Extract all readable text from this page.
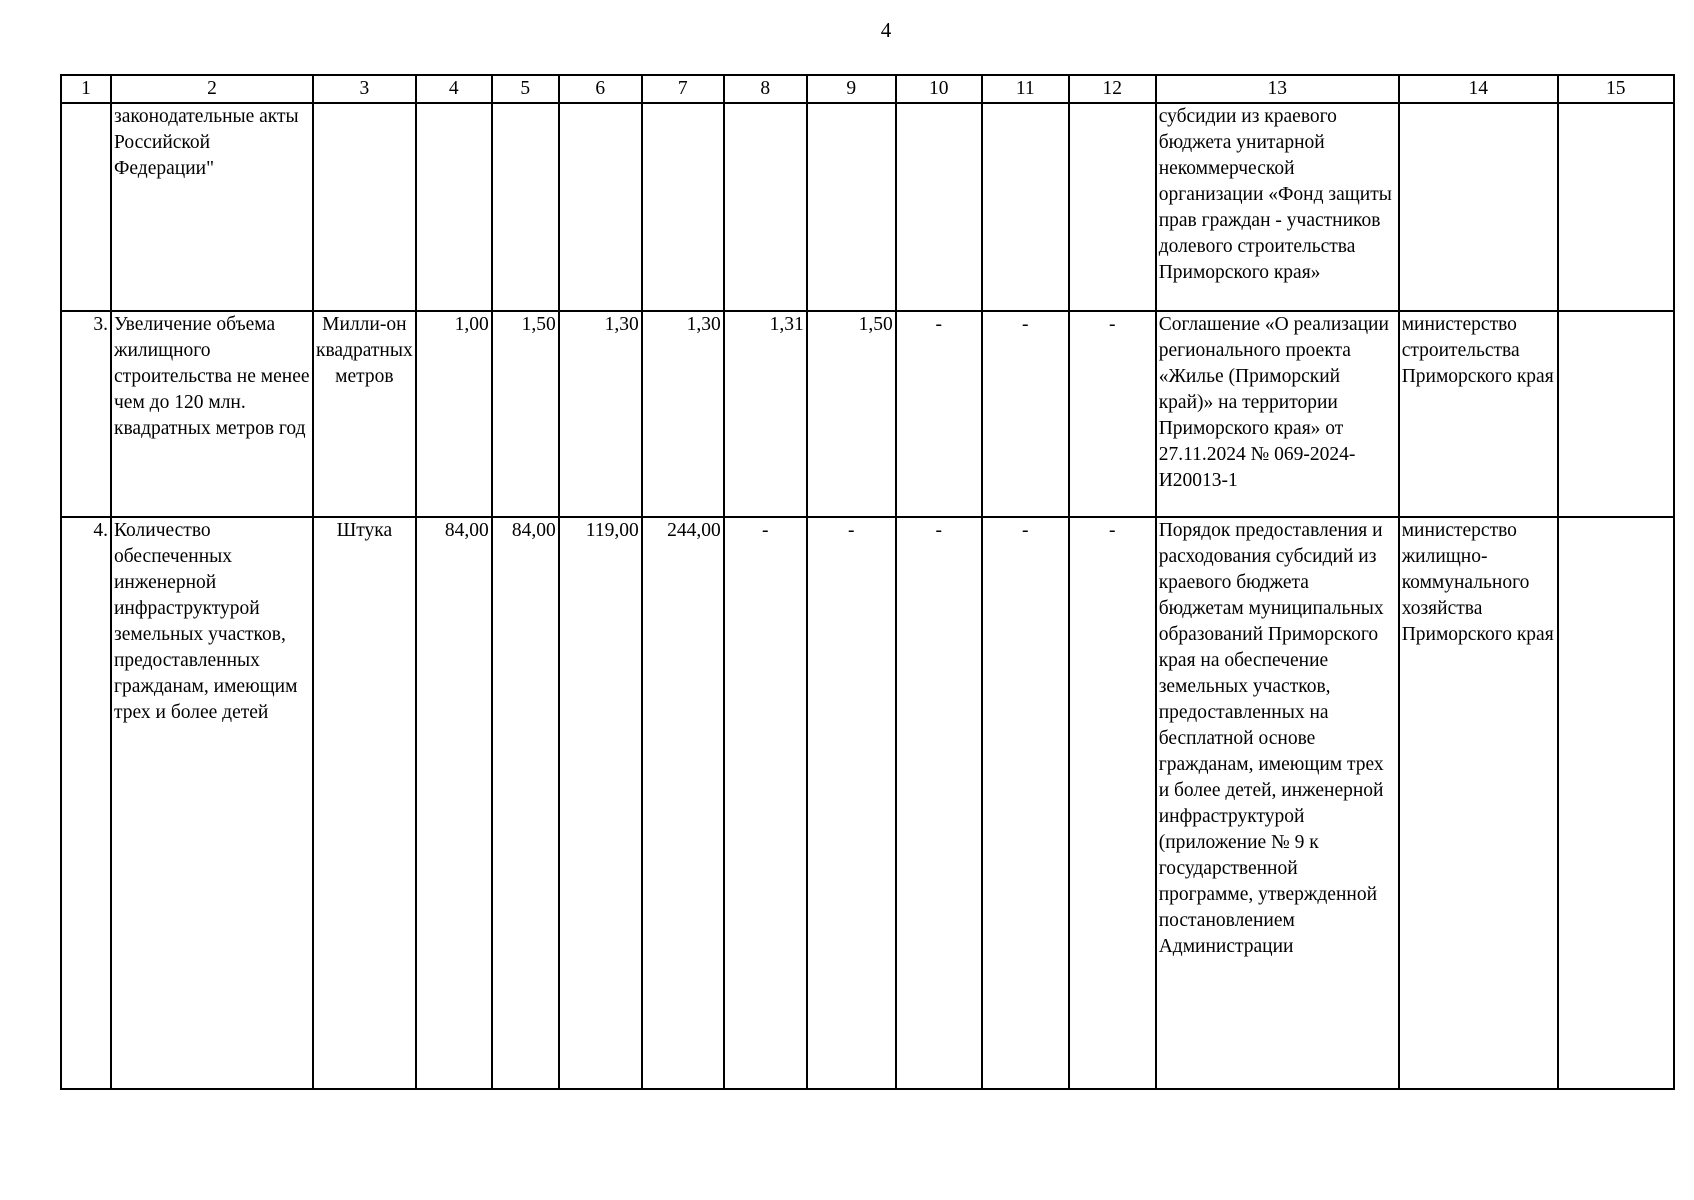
4
1	2	3	4	5	6	7	8	9	10	11	12	13	14	15
	законодательные акты Российской Федерации"											субсидии из краевого бюджета унитарной некоммерческой организации «Фонд защиты прав граждан - участников долевого строительства Приморского края»		
3.	Увеличение объема жилищного строительства не менее чем до 120 млн. квадратных метров год	Милли-он квадратных метров	1,00	1,50	1,30	1,30	1,31	1,50	-	-	-	Соглашение «О реализации регионального проекта «Жилье (Приморский край)» на территории Приморского края» от 27.11.2024 № 069-2024-И20013-1	министерство строительства Приморского края	
4.	Количество обеспеченных инженерной инфраструктурой земельных участков, предоставленных гражданам, имеющим трех и более детей	Штука	84,00	84,00	119,00	244,00	-	-	-	-	-	Порядок предоставления и расходования субсидий из краевого бюджета бюджетам муниципальных образований Приморского края на обеспечение земельных участков, предоставленных на бесплатной основе гражданам, имеющим трех и более детей, инженерной инфраструктурой (приложение № 9 к государственной программе, утвержденной постановлением Администрации	министерство жилищно-коммунального хозяйства Приморского края	
